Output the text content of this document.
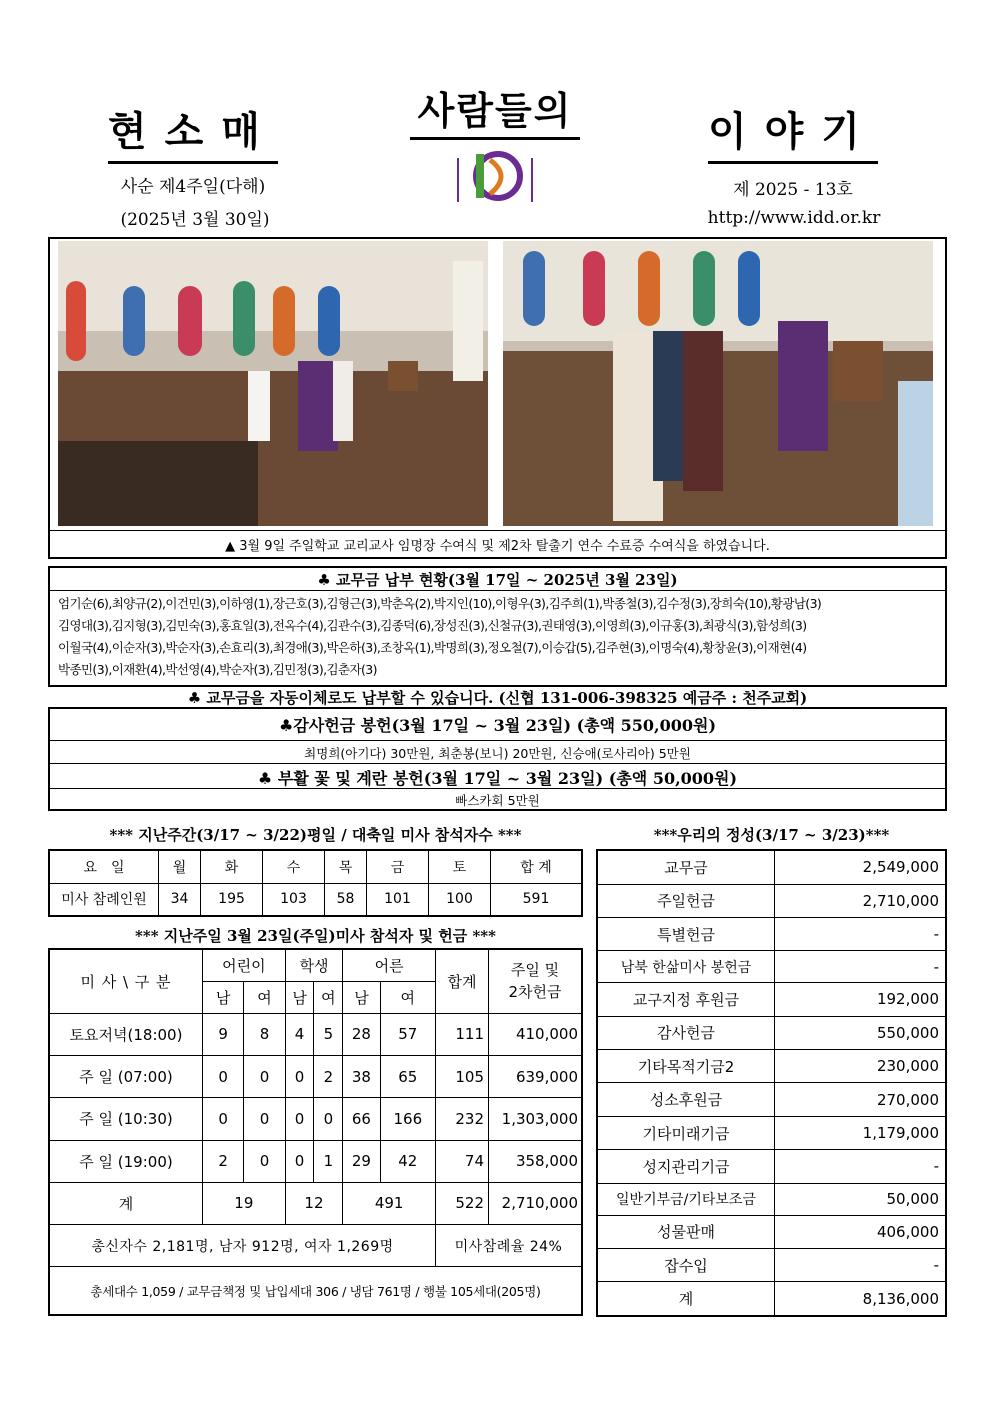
현소매	사람들의	이야기
사순 제4주일(다해)
(2025년 3월 30일)
제 2025 - 13호
http://www.idd.or.kr
▲ 3월 9일 주일학교 교리교사 임명장 수여식 및 제2차 탈출기 연수 수료증 수여식을 하였습니다.
♣ 교무금 납부 현황(3월 17일 ~ 2025년 3월 23일)
엄기순(6),최양규(2),이건민(3),이하영(1),장근호(3),김형근(3),박춘옥(2),박지인(10),이형우(3),김주희(1),박종철(3),김수정(3),장희숙(10),황광남(3)
김영대(3),김지형(3),김민숙(3),홍효일(3),전옥수(4),김관수(3),김종덕(6),장성진(3),신철규(3),권태영(3),이영희(3),이규홍(3),최광식(3),함성희(3)
이월국(4),이순자(3),박순자(3),손효리(3),최경애(3),박은하(3),조창옥(1),박명희(3),정오철(7),이승갑(5),김주현(3),이명숙(4),황창윤(3),이재현(4)
박종민(3),이재환(4),박선영(4),박순자(3),김민정(3),김춘자(3)
♣ 교무금을 자동이체로도 납부할 수 있습니다. (신협 131-006-398325 예금주 : 천주교회)
♣감사헌금 봉헌(3월 17일 ~ 3월 23일) (총액 550,000원)
최명희(아기다) 30만원, 최춘봉(보니) 20만원, 신승애(로사리아) 5만원
♣ 부활 꽃 및 계란 봉헌(3월 17일 ~ 3월 23일) (총액 50,000원)
빠스카회 5만원
*** 지난주간(3/17 ~ 3/22)평일 / 대축일 미사 참석자수 ***
요　일	월	화	수	목	금	토	합 계
미사 참례인원	34	195	103	58	101	100	591
*** 지난주일 3월 23일(주일)미사 참석자 및 헌금 ***
미 사 \ 구 분	어린이		학생		어른		합계	주일 및
2차헌금
	남	여	남	여	남	여		
토요저녁(18:00)	9	8	4	5	28	57	111	410,000
주 일 (07:00)	0	0	0	2	38	65	105	639,000
주 일 (10:30)	0	0	0	0	66	166	232	1,303,000
주 일 (19:00)	2	0	0	1	29	42	74	358,000
계	19		12		491		522	2,710,000
총신자수 2,181명, 남자 912명, 여자 1,269명							미사참례율 24%	
총세대수 1,059 / 교무금책정 및 납입세대 306 / 냉담 761명 / 행불 105세대(205명)								
***우리의 정성(3/17 ~ 3/23)***
교무금	2,549,000
주일헌금	2,710,000
특별헌금	-
남북 한삶미사 봉헌금	-
교구지정 후원금	192,000
감사헌금	550,000
기타목적기금2	230,000
성소후원금	270,000
기타미래기금	1,179,000
성지관리기금	-
일반기부금/기타보조금	50,000
성물판매	406,000
잡수입	-
계	8,136,000
